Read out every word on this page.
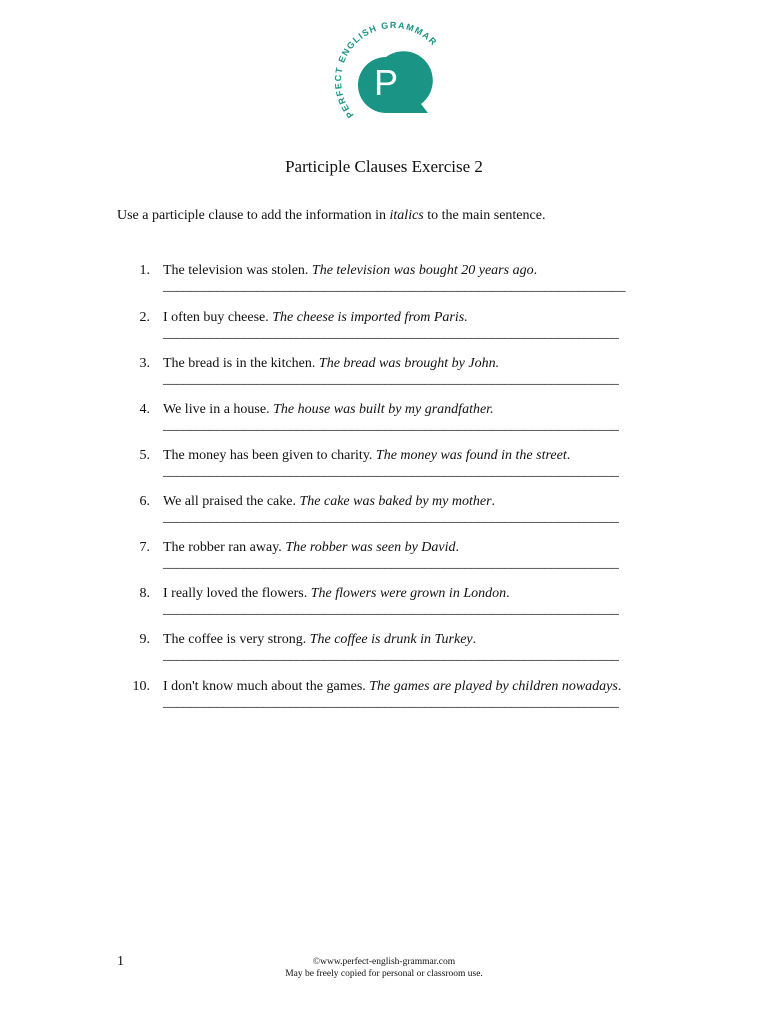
PERFECT ENGLISH GRAMMAR
P
Participle Clauses Exercise 2
Use a participle clause to add the information in italics to the main sentence.
1. The television was stolen. The television was bought 20 years ago.
_____________________________________________________________________
2. I often buy cheese. The cheese is imported from Paris.
____________________________________________________________________
3. The bread is in the kitchen. The bread was brought by John.
____________________________________________________________________
4. We live in a house. The house was built by my grandfather.
____________________________________________________________________
5. The money has been given to charity. The money was found in the street.
____________________________________________________________________
6. We all praised the cake. The cake was baked by my mother.
____________________________________________________________________
7. The robber ran away. The robber was seen by David.
____________________________________________________________________
8. I really loved the flowers. The flowers were grown in London.
____________________________________________________________________
9. The coffee is very strong. The coffee is drunk in Turkey.
____________________________________________________________________
10. I don't know much about the games. The games are played by children nowadays.
____________________________________________________________________
1	©www.perfect-english-grammar.com
May be freely copied for personal or classroom use.
